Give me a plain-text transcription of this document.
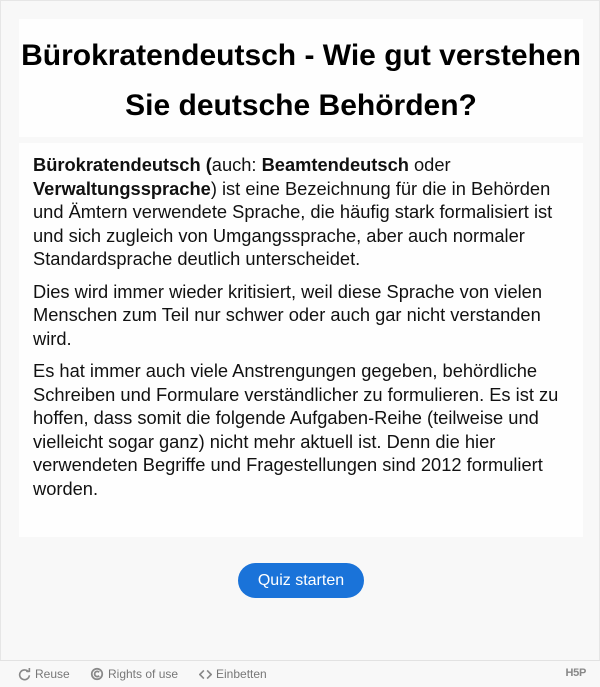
Bürokratendeutsch - Wie gut verstehen Sie deutsche Behörden?

Bürokratendeutsch (auch: Beamtendeutsch oder Verwaltungssprache) ist eine Bezeichnung für die in Behörden und Ämtern verwendete Sprache, die häufig stark formalisiert ist und sich zugleich von Umgangssprache, aber auch normaler Standardsprache deutlich unterscheidet.

Dies wird immer wieder kritisiert, weil diese Sprache von vielen Menschen zum Teil nur schwer oder auch gar nicht verstanden wird.

Es hat immer auch viele Anstrengungen gegeben, behördliche Schreiben und Formulare verständlicher zu formulieren. Es ist zu hoffen, dass somit die folgende Aufgaben-Reihe (teilweise und vielleicht sogar ganz) nicht mehr aktuell ist. Denn die hier verwendeten Begriffe und Fragestellungen sind 2012 formuliert worden.

Quiz starten
Reuse	Rights of use	Einbetten	H5P
